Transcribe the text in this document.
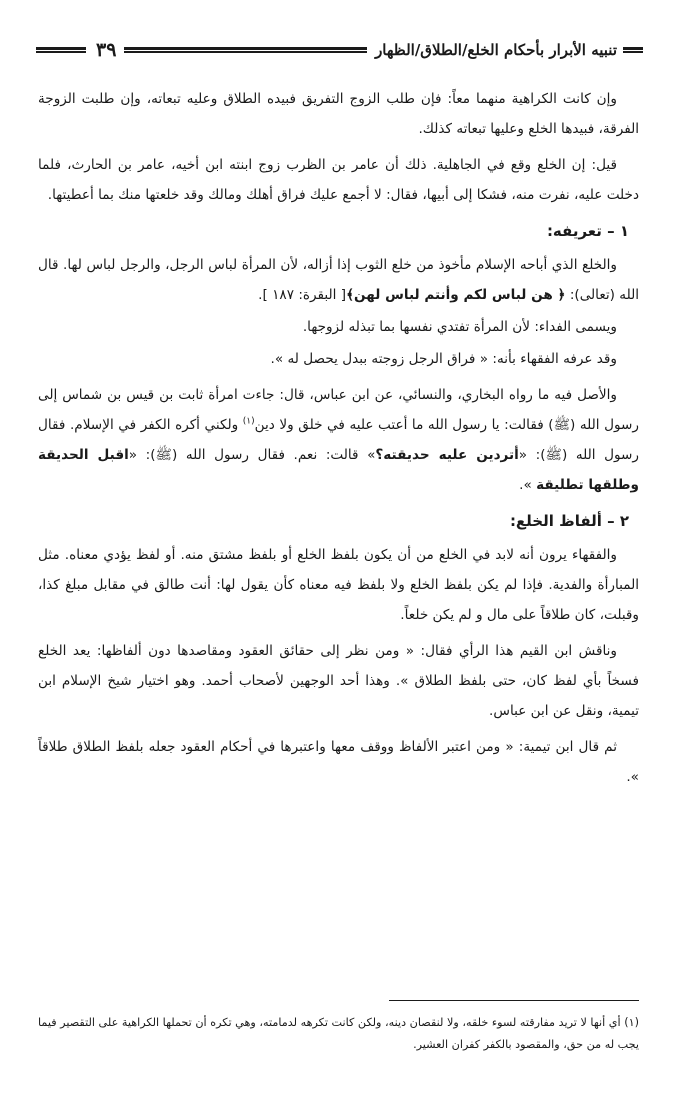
تنبيه الأبرار بأحكام الخلع/الطلاق/الظهار
٣٩

وإن كانت الكراهية منهما معاً: فإن طلب الزوج التفريق فبيده الطلاق وعليه تبعاته، وإن طلبت الزوجة الفرقة، فبيدها الخلع وعليها تبعاته كذلك.

قيل: إن الخلع وقع في الجاهلية. ذلك أن عامر بن الظرب زوج ابنته ابن أخيه، عامر بن الحارث، فلما دخلت عليه، نفرت منه، فشكا إلى أبيها، فقال: لا أجمع عليك فراق أهلك ومالك وقد خلعتها منك بما أعطيتها.

١ – تعريفه:

والخلع الذي أباحه الإسلام مأخوذ من خلع الثوب إذا أزاله، لأن المرأة لباس الرجل، والرجل لباس لها. قال الله (تعالى): ﴿ هن لباس لكم وأنتم لباس لهن﴾[ البقرة: ١٨٧ ].

ويسمى الفداء: لأن المرأة تفتدي نفسها بما تبذله لزوجها.

وقد عرفه الفقهاء بأنه: « فراق الرجل زوجته ببدل يحصل له ».

والأصل فيه ما رواه البخاري، والنسائي، عن ابن عباس، قال: جاءت امرأة ثابت بن قيس بن شماس إلى رسول الله (ﷺ) فقالت: يا رسول الله ما أعتب عليه في خلق ولا دين$^{(١)}$ ولكني أكره الكفر في الإسلام. فقال رسول الله (ﷺ): «أتردين عليه حديقته؟» قالت: نعم. فقال رسول الله (ﷺ): «اقبل الحديقة وطلقها تطليقة ».

٢ – ألفاظ الخلع:

والفقهاء يرون أنه لابد في الخلع من أن يكون بلفظ الخلع أو بلفظ مشتق منه. أو لفظ يؤدي معناه. مثل المبارأة والفدية. فإذا لم يكن بلفظ الخلع ولا بلفظ فيه معناه كأن يقول لها: أنت طالق في مقابل مبلغ كذا، وقبلت، كان طلاقاً على مال و لم يكن خلعاً.

وناقش ابن القيم هذا الرأي فقال: « ومن نظر إلى حقائق العقود ومقاصدها دون ألفاظها: يعد الخلع فسخاً بأي لفظ كان، حتى بلفظ الطلاق ». وهذا أحد الوجهين لأصحاب أحمد. وهو اختيار شيخ الإسلام ابن تيمية، ونقل عن ابن عباس.

ثم قال ابن تيمية: « ومن اعتبر الألفاظ ووقف معها واعتبرها في أحكام العقود جعله بلفظ الطلاق طلاقاً ».

(١) أي أنها لا تريد مفارقته لسوء خلقه، ولا لنقصان دينه، ولكن كانت تكرهه لدمامته، وهي تكره أن تحملها الكراهية على التقصير فيما يجب له من حق، والمقصود بالكفر كفران العشير.
